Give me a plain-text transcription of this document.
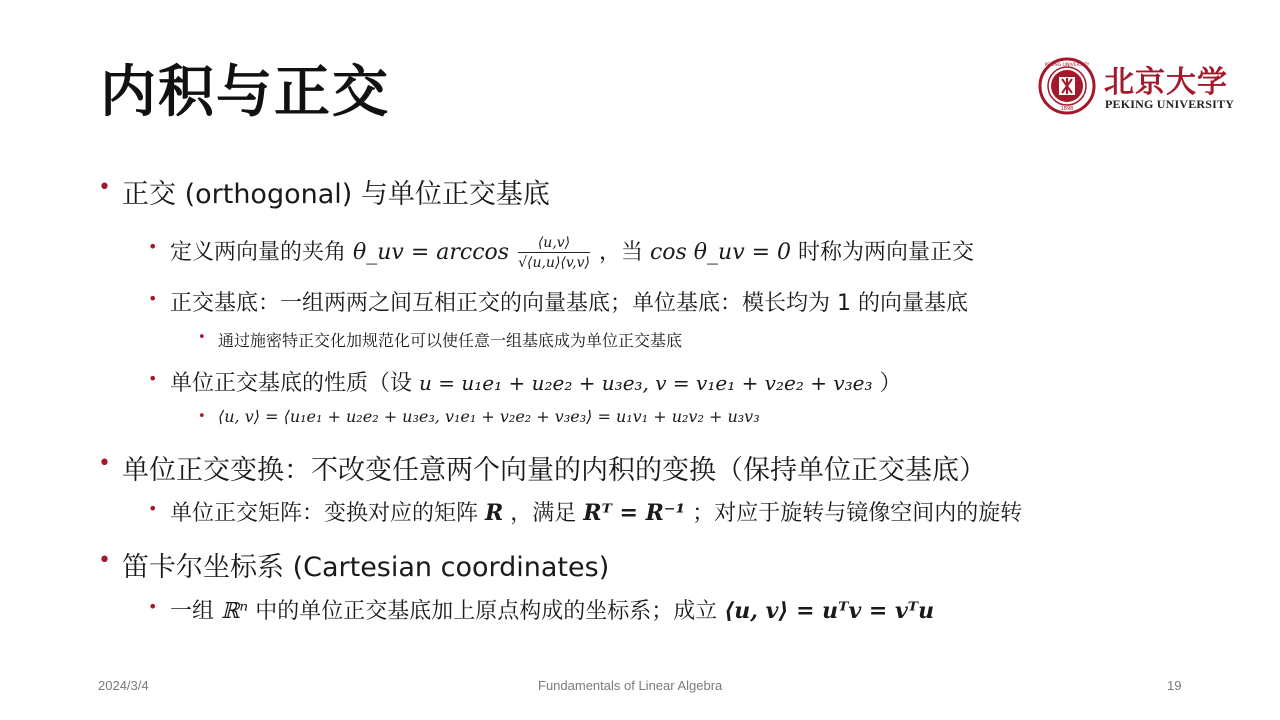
内积与正交	1898
PEKING UNIVERSITY 北京大学
PEKING UNIVERSITY
• 正交 (orthogonal) 与单位正交基底
• 定义两向量的夹角 θ_uv = $\arccos \frac{⟨u,v⟩}{√⟨u,u⟩⟨v,v⟩}$ ，当 cos θ_uv = 0 时称为两向量正交
• 正交基底：一组两两之间互相正交的向量基底；单位基底：模长均为 1 的向量基底
• 通过施密特正交化加规范化可以使任意一组基底成为单位正交基底
• 单位正交基底的性质（设 u = u₁e₁ + u₂e₂ + u₃e₃, v = v₁e₁ + v₂e₂ + v₃e₃ ）
• ⟨u, v⟩ = ⟨u₁e₁ + u₂e₂ + u₃e₃, v₁e₁ + v₂e₂ + v₃e₃⟩ = u₁v₁ + u₂v₂ + u₃v₃
• 单位正交变换：不改变任意两个向量的内积的变换（保持单位正交基底）
• 单位正交矩阵：变换对应的矩阵 R ，满足 Rᵀ = R⁻¹ ；对应于旋转与镜像空间内的旋转
• 笛卡尔坐标系 (Cartesian coordinates)
• 一组 ℝⁿ 中的单位正交基底加上原点构成的坐标系；成立 ⟨u, v⟩ = uᵀv = vᵀu
2024/3/4	Fundamentals of Linear Algebra	19
